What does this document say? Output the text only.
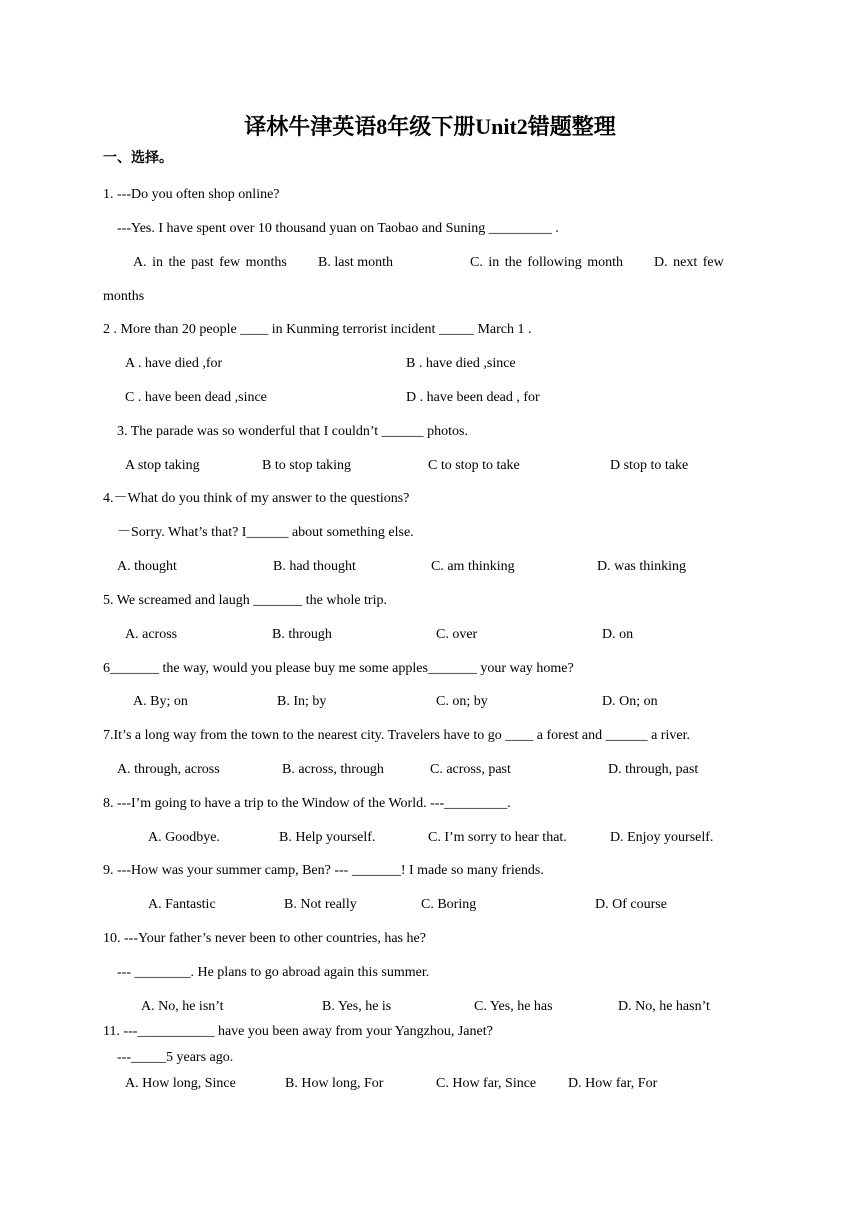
译林牛津英语8年级下册Unit2错题整理
一、选择。
1. ---Do you often shop online?
---Yes. I have spent over 10 thousand yuan on Taobao and Suning _________ .
A. in the past few months B. last month	C. in the following month D. next few
months
2 . More than 20 people ____ in Kunming terrorist incident _____ March 1 .
A . have died ,for	B . have died ,since
C . have been dead ,since	D . have been dead , for
3. The parade was so wonderful that I couldn’t ______ photos.
A stop taking	B to stop taking	C to stop to take	D stop to take
4.－What do you think of my answer to the questions?
－Sorry. What’s that? I______ about something else.
A. thought	B. had thought	C. am thinking	D. was thinking
5. We screamed and laugh _______ the whole trip.
A. across	B. through	C. over	D. on
6_______ the way, would you please buy me some apples_______ your way home?
A. By; on	B. In; by	C. on; by	D. On; on
7.It’s a long way from the town to the nearest city. Travelers have to go ____ a forest and ______ a river.
A. through, across	B. across, through	C. across, past	D. through, past
8. ---I’m going to have a trip to the Window of the World. ---_________.
A. Goodbye.	B. Help yourself.	C. I’m sorry to hear that.	D. Enjoy yourself.
9. ---How was your summer camp, Ben? --- _______! I made so many friends.
A. Fantastic	B. Not really	C. Boring	D. Of course
10. ---Your father’s never been to other countries, has he?
--- ________. He plans to go abroad again this summer.
A. No, he isn’t	B. Yes, he is	C. Yes, he has	D. No, he hasn’t
11. ---___________ have you been away from your Yangzhou, Janet?
---_____5 years ago.
A. How long, Since	B. How long, For	C. How far, Since D. How far, For
